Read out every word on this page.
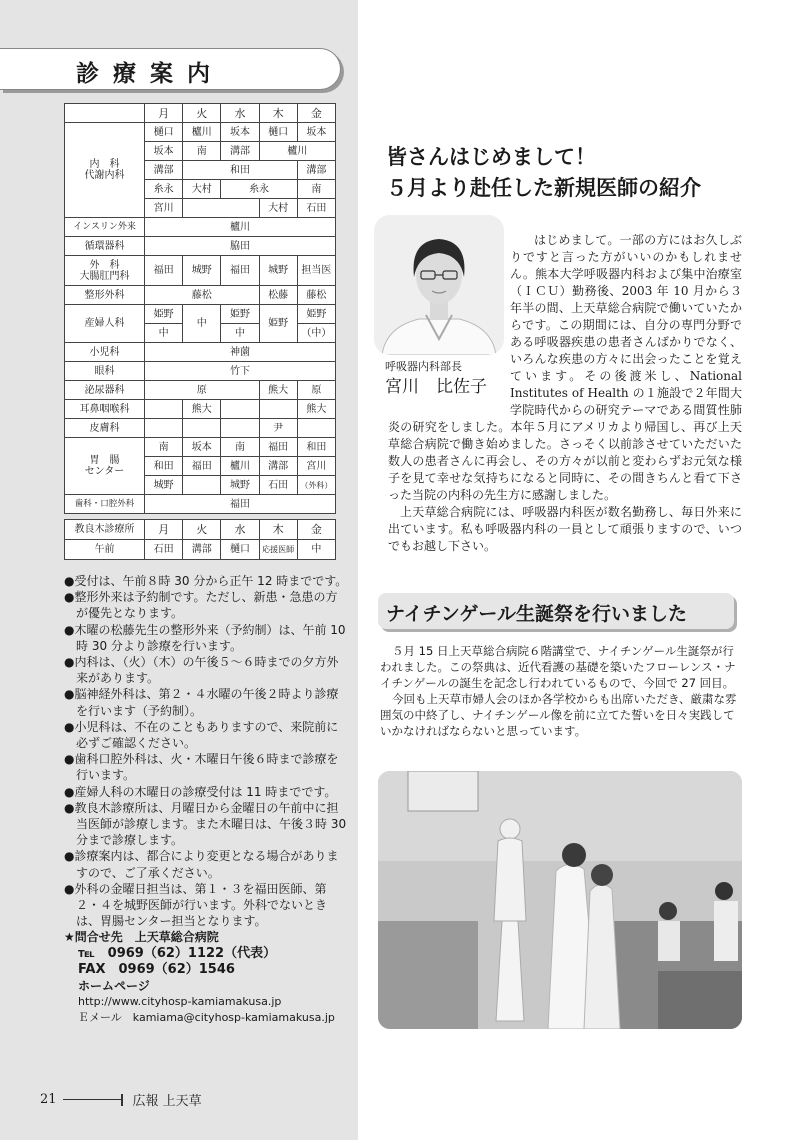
診療案内
	月	火	水	木	金

内　科
代謝内科	樋口	櫨川	坂本	樋口	坂本
	坂本	南	溝部	櫨川	
	溝部	和田			溝部
	糸永	大村	糸永		南
	宮川			大村	石田
インスリン外来	櫨川				
循環器科	脇田				

外　科
大腸肛門科	福田	城野	福田	城野	担当医
整形外科	藤松			松藤	藤松
産婦人科	姫野	中	姫野	姫野	姫野
	中		中		（中）
小児科	神薗				
眼科	竹下				
泌尿器科	原			熊大	原
耳鼻咽喉科		熊大			熊大
皮膚科				尹	

胃　腸
センター	南	坂本	南	福田	和田
	和田	福田	櫨川	溝部	宮川
	城野		城野	石田	（外科）
歯科・口腔外科	福田				
教良木診療所	月	火	水	木	金
午前	石田	溝部	樋口	応援医師	中

●受付は、午前８時 30 分から正午 12 時までです。

●整形外来は予約制です。ただし、新患・急患の方が優先となります。

●木曜の松藤先生の整形外来（予約制）は、午前 10 時 30 分より診療を行います。

●内科は、（火）（木）の午後５～６時までの夕方外来があります。

●脳神経外科は、第２・４水曜の午後２時より診療を行います（予約制）。

●小児科は、不在のこともありますので、来院前に必ずご確認ください。

●歯科口腔外科は、火・木曜日午後６時まで診療を行います。

●産婦人科の木曜日の診療受付は 11 時までです。

●教良木診療所は、月曜日から金曜日の午前中に担当医師が診療します。また木曜日は、午後３時 30 分まで診療します。

●診療案内は、都合により変更となる場合がありますので、ご了承ください。

●外科の金曜日担当は、第１・３を福田医師、第２・４を城野医師が行います。外科でないときは、胃腸センター担当となります。

★問合せ先　上天草総合病院

℡　0969（62）1122（代表）

FAX　0969（62）1546

ホームページ

http://www.cityhosp-kamiamakusa.jp

Ｅメール　kamiama@cityhosp-kamiamakusa.jp

21	広報 上天草
皆さんはじめまして！
５月より赴任した新規医師の紹介
呼吸器内科部長
宮川　比佐子

はじめまして。一部の方にはお久しぶりですと言った方がいいのかもしれません。熊本大学呼吸器内科および集中治療室（ＩＣＵ）勤務後、2003 年 10 月から３年半の間、上天草総合病院で働いていたからです。この期間には、自分の専門分野である呼吸器疾患の患者さんばかりでなく、いろんな疾患の方々に出会ったことを覚えています。その後渡米し、National Institutes of Health の１施設で２年間大学院時代からの研究テーマである間質性肺炎の研究をしました。本年５月にアメリカより帰国し、再び上天草総合病院で働き始めました。さっそく以前診させていただいた数人の患者さんに再会し、その方々が以前と変わらずお元気な様子を見て幸せな気持ちになると同時に、その間きちんと看て下さった当院の内科の先生方に感謝しました。

上天草総合病院には、呼吸器内科医が数名勤務し、毎日外来に出ています。私も呼吸器内科の一員として頑張りますので、いつでもお越し下さい。

ナイチンゲール生誕祭を行いました

５月 15 日上天草総合病院６階講堂で、ナイチンゲール生誕祭が行われました。この祭典は、近代看護の基礎を築いたフローレンス・ナイチンゲールの誕生を記念し行われているもので、今回で 27 回目。

今回も上天草市婦人会のほか各学校からも出席いただき、厳粛な雰囲気の中終了し、ナイチンゲール像を前に立てた誓いを日々実践していかなければならないと思っています。
